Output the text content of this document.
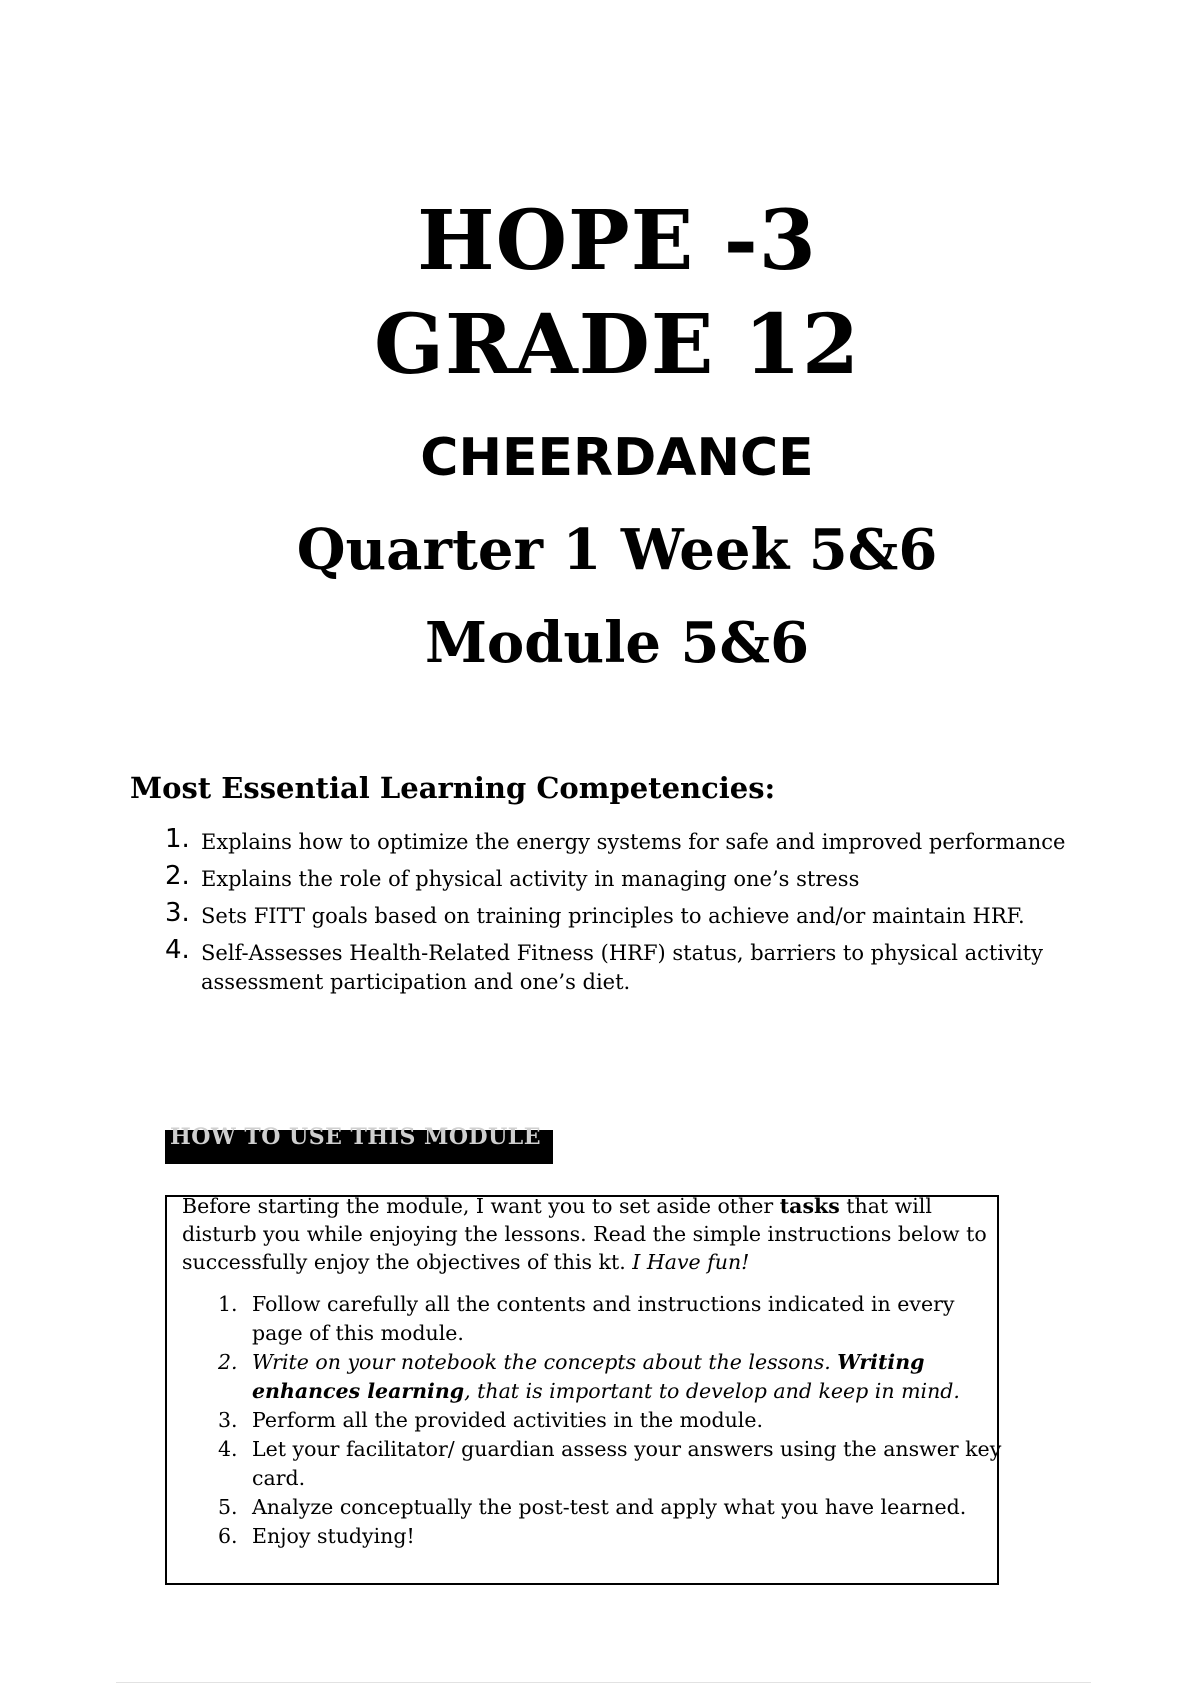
HOPE -3
GRADE 12
CHEERDANCE
Quarter 1 Week 5&6
Module 5&6
Most Essential Learning Competencies:
1. Explains how to optimize the energy systems for safe and improved performance
2. Explains the role of physical activity in managing one’s stress
3. Sets FITT goals based on training principles to achieve and/or maintain HRF.
4. Self-Assesses Health-Related Fitness (HRF) status, barriers to physical activity assessment participation and one’s diet.
HOW TO USE THIS MODULE
Before starting the module, I want you to set aside other tasks that will disturb you while enjoying the lessons. Read the simple instructions below to successfully enjoy the objectives of this kt. I Have fun!
1. Follow carefully all the contents and instructions indicated in every page of this module.
2. Write on your notebook the concepts about the lessons. Writing enhances learning, that is important to develop and keep in mind.
3. Perform all the provided activities in the module.
4. Let your facilitator/ guardian assess your answers using the answer key card.
5. Analyze conceptually the post-test and apply what you have learned.
6. Enjoy studying!
